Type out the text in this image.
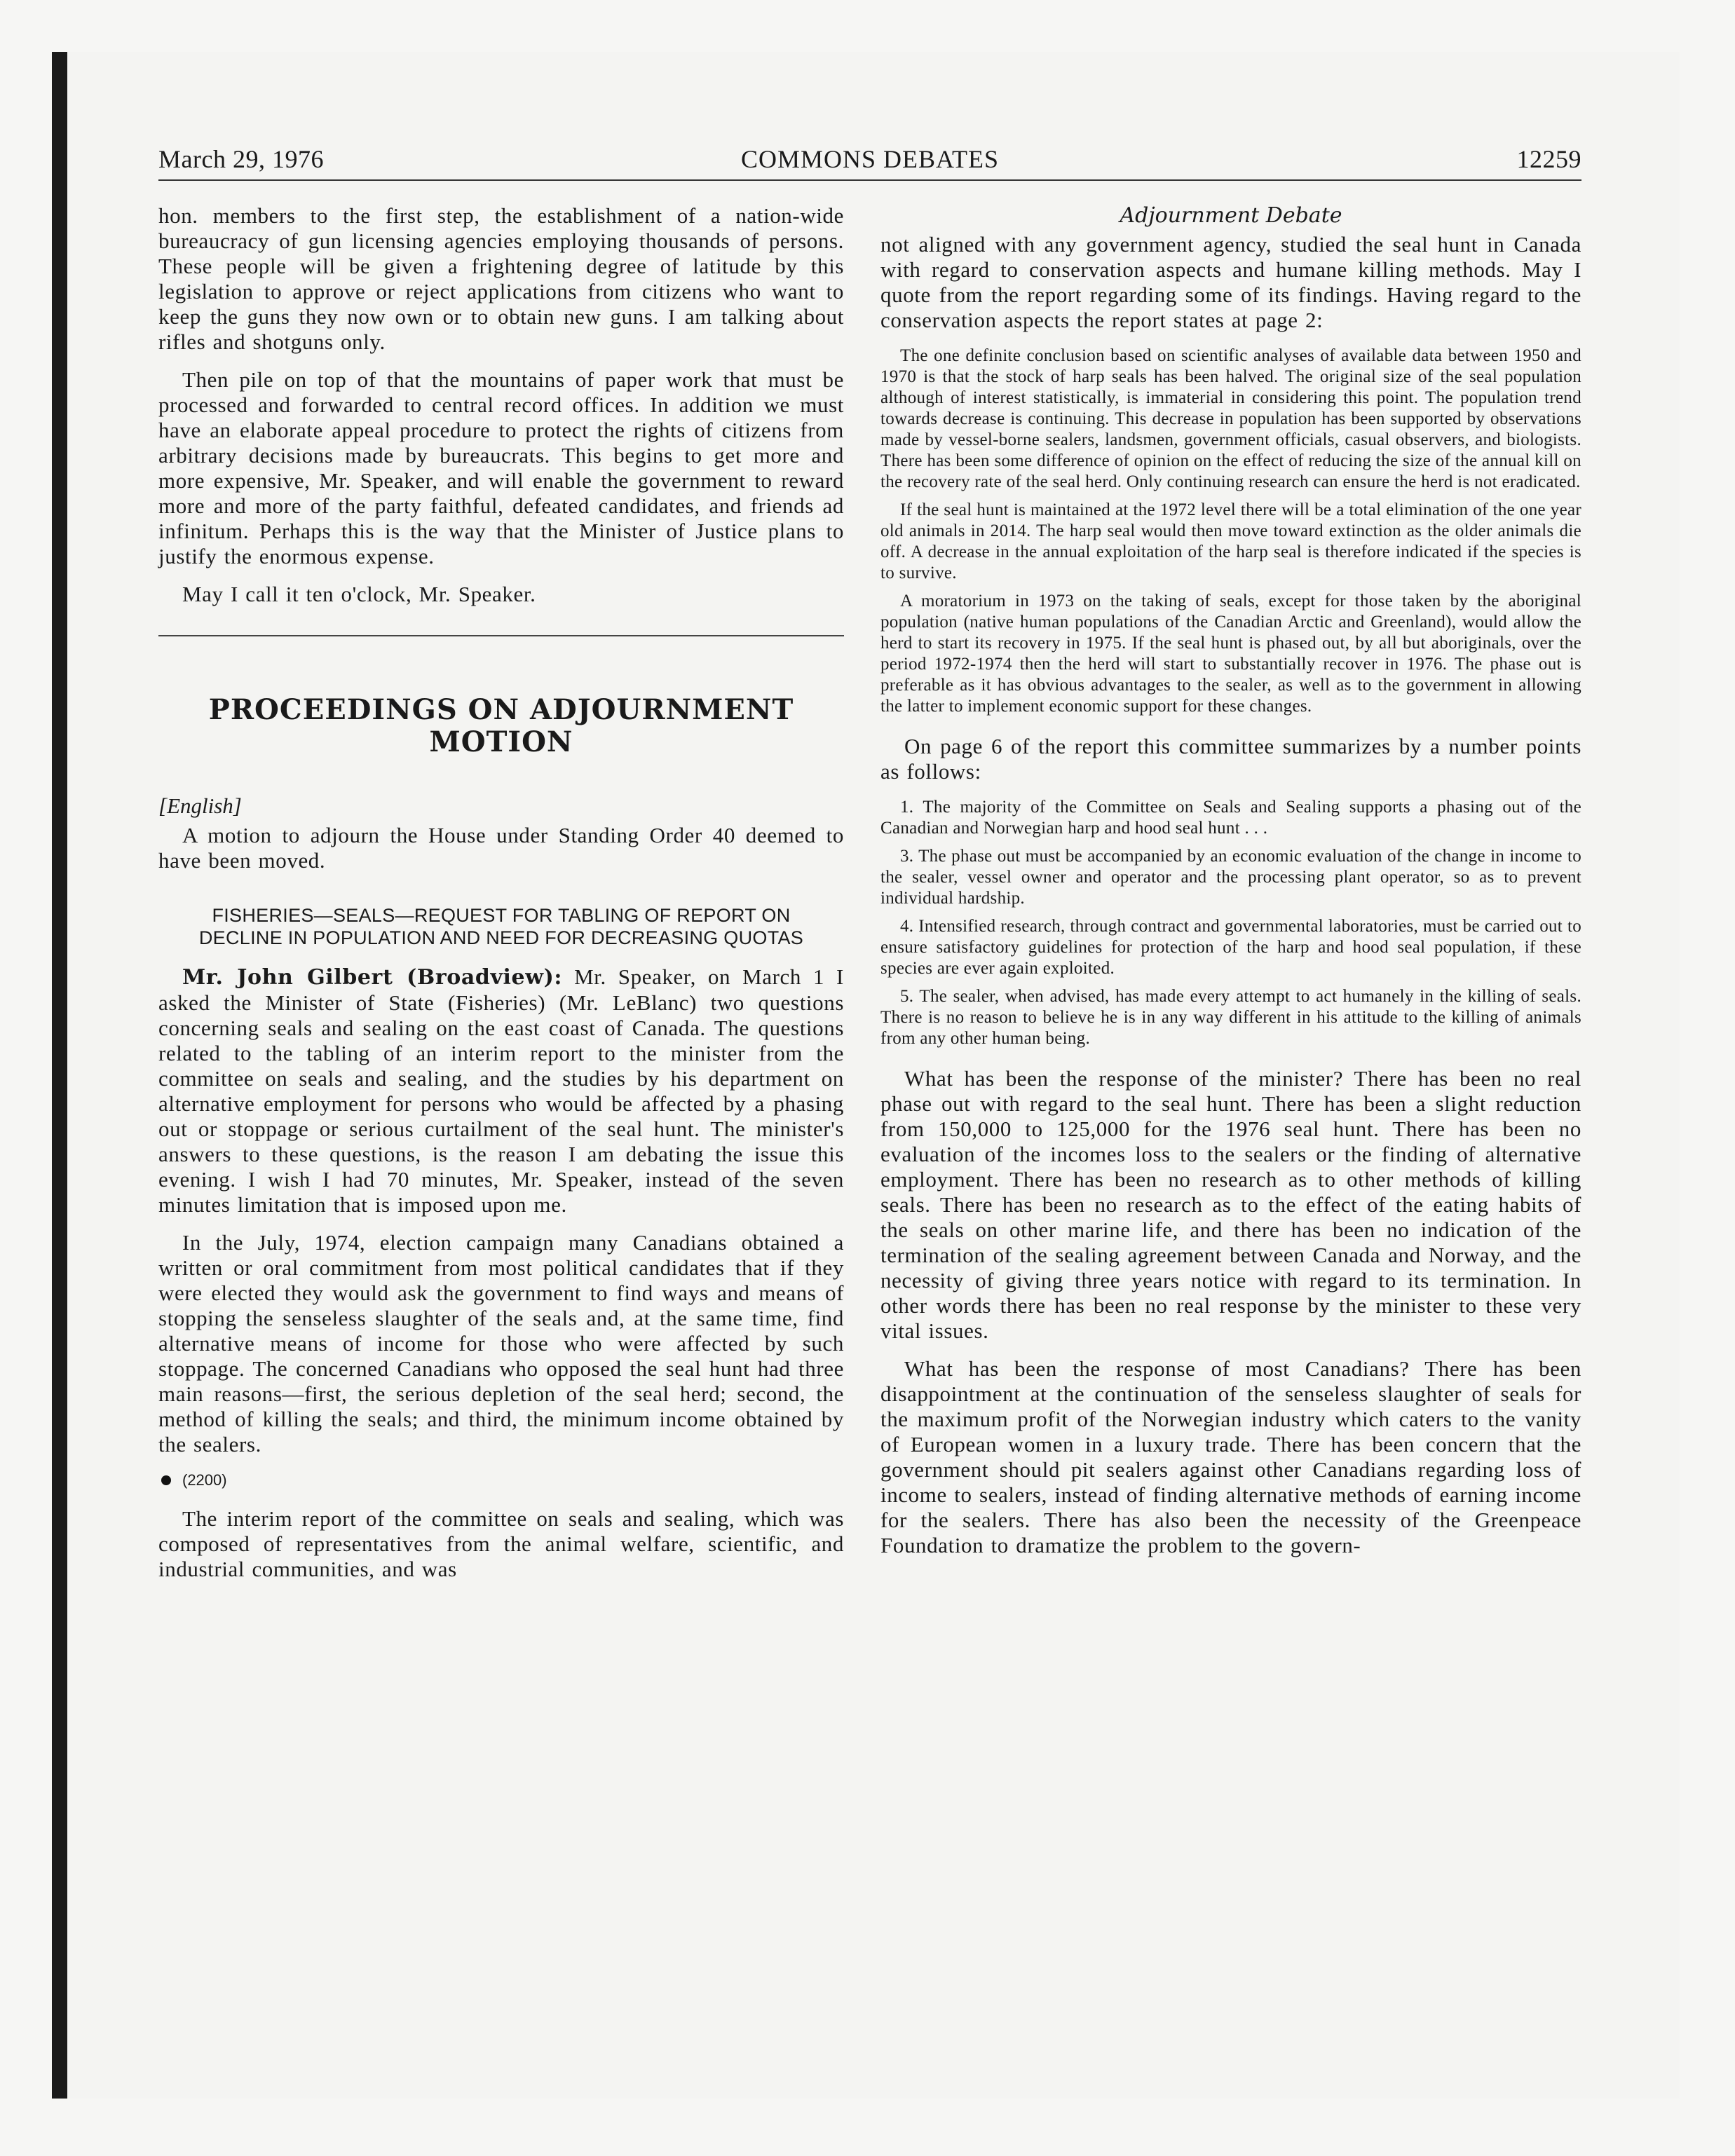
March 29, 1976	COMMONS DEBATES	12259

hon. members to the first step, the establishment of a nation-wide bureaucracy of gun licensing agencies employing thousands of persons. These people will be given a frightening degree of latitude by this legislation to approve or reject applications from citizens who want to keep the guns they now own or to obtain new guns. I am talking about rifles and shotguns only.

Then pile on top of that the mountains of paper work that must be processed and forwarded to central record offices. In addition we must have an elaborate appeal procedure to protect the rights of citizens from arbitrary decisions made by bureaucrats. This begins to get more and more expensive, Mr. Speaker, and will enable the government to reward more and more of the party faithful, defeated candidates, and friends ad infinitum. Perhaps this is the way that the Minister of Justice plans to justify the enormous expense.

May I call it ten o'clock, Mr. Speaker.

PROCEEDINGS ON ADJOURNMENT MOTION
[English]

A motion to adjourn the House under Standing Order 40 deemed to have been moved.

FISHERIES—SEALS—REQUEST FOR TABLING OF REPORT ON DECLINE IN POPULATION AND NEED FOR DECREASING QUOTAS

Mr. John Gilbert (Broadview): Mr. Speaker, on March 1 I asked the Minister of State (Fisheries) (Mr. LeBlanc) two questions concerning seals and sealing on the east coast of Canada. The questions related to the tabling of an interim report to the minister from the committee on seals and sealing, and the studies by his department on alternative employment for persons who would be affected by a phasing out or stoppage or serious curtailment of the seal hunt. The minister's answers to these questions, is the reason I am debating the issue this evening. I wish I had 70 minutes, Mr. Speaker, instead of the seven minutes limitation that is imposed upon me.

In the July, 1974, election campaign many Canadians obtained a written or oral commitment from most political candidates that if they were elected they would ask the government to find ways and means of stopping the senseless slaughter of the seals and, at the same time, find alternative means of income for those who were affected by such stoppage. The concerned Canadians who opposed the seal hunt had three main reasons—first, the serious depletion of the seal herd; second, the method of killing the seals; and third, the minimum income obtained by the sealers.

(2200)

The interim report of the committee on seals and sealing, which was composed of representatives from the animal welfare, scientific, and industrial communities, and was

Adjournment Debate

not aligned with any government agency, studied the seal hunt in Canada with regard to conservation aspects and humane killing methods. May I quote from the report regarding some of its findings. Having regard to the conservation aspects the report states at page 2:

The one definite conclusion based on scientific analyses of available data between 1950 and 1970 is that the stock of harp seals has been halved. The original size of the seal population although of interest statistically, is immaterial in considering this point. The population trend towards decrease is continuing. This decrease in population has been supported by observations made by vessel-borne sealers, landsmen, government officials, casual observers, and biologists. There has been some difference of opinion on the effect of reducing the size of the annual kill on the recovery rate of the seal herd. Only continuing research can ensure the herd is not eradicated.

If the seal hunt is maintained at the 1972 level there will be a total elimination of the one year old animals in 2014. The harp seal would then move toward extinction as the older animals die off. A decrease in the annual exploitation of the harp seal is therefore indicated if the species is to survive.

A moratorium in 1973 on the taking of seals, except for those taken by the aboriginal population (native human populations of the Canadian Arctic and Greenland), would allow the herd to start its recovery in 1975. If the seal hunt is phased out, by all but aboriginals, over the period 1972-1974 then the herd will start to substantially recover in 1976. The phase out is preferable as it has obvious advantages to the sealer, as well as to the government in allowing the latter to implement economic support for these changes.

On page 6 of the report this committee summarizes by a number points as follows:

1. The majority of the Committee on Seals and Sealing supports a phasing out of the Canadian and Norwegian harp and hood seal hunt . . .

3. The phase out must be accompanied by an economic evaluation of the change in income to the sealer, vessel owner and operator and the processing plant operator, so as to prevent individual hardship.

4. Intensified research, through contract and governmental laboratories, must be carried out to ensure satisfactory guidelines for protection of the harp and hood seal population, if these species are ever again exploited.

5. The sealer, when advised, has made every attempt to act humanely in the killing of seals. There is no reason to believe he is in any way different in his attitude to the killing of animals from any other human being.

What has been the response of the minister? There has been no real phase out with regard to the seal hunt. There has been a slight reduction from 150,000 to 125,000 for the 1976 seal hunt. There has been no evaluation of the incomes loss to the sealers or the finding of alternative employment. There has been no research as to other methods of killing seals. There has been no research as to the effect of the eating habits of the seals on other marine life, and there has been no indication of the termination of the sealing agreement between Canada and Norway, and the necessity of giving three years notice with regard to its termination. In other words there has been no real response by the minister to these very vital issues.

What has been the response of most Canadians? There has been disappointment at the continuation of the senseless slaughter of seals for the maximum profit of the Norwegian industry which caters to the vanity of European women in a luxury trade. There has been concern that the government should pit sealers against other Canadians regarding loss of income to sealers, instead of finding alternative methods of earning income for the sealers. There has also been the necessity of the Greenpeace Foundation to dramatize the problem to the govern-
